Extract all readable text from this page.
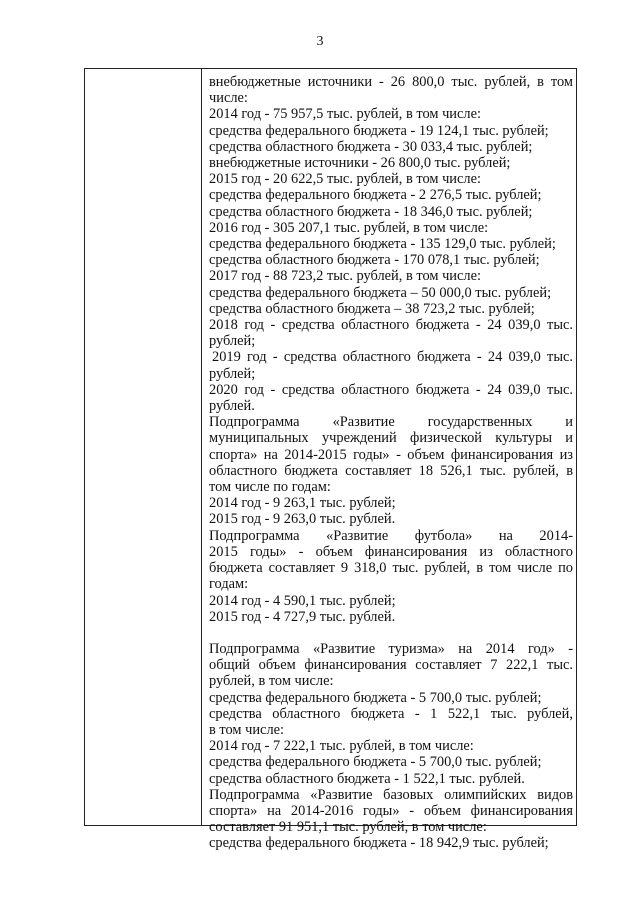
3
внебюджетные источники - 26 800,0 тыс. рублей, в том
числе:
2014 год - 75 957,5 тыс. рублей, в том числе:
средства федерального бюджета - 19 124,1 тыс. рублей;
средства областного бюджета - 30 033,4 тыс. рублей;
внебюджетные источники - 26 800,0 тыс. рублей;
2015 год - 20 622,5 тыс. рублей, в том числе:
средства федерального бюджета - 2 276,5 тыс. рублей;
средства областного бюджета - 18 346,0 тыс. рублей;
2016 год - 305 207,1 тыс. рублей, в том числе:
средства федерального бюджета - 135 129,0 тыс. рублей;
средства областного бюджета - 170 078,1 тыс. рублей;
2017 год - 88 723,2 тыс. рублей, в том числе:
средства федерального бюджета – 50 000,0 тыс. рублей;
средства областного бюджета – 38 723,2 тыс. рублей;
2018 год - средства областного бюджета - 24 039,0 тыс.
рублей;
2019 год - средства областного бюджета - 24 039,0 тыс.
рублей;
2020 год - средства областного бюджета - 24 039,0 тыс.
рублей.
Подпрограмма «Развитие государственных и
муниципальных учреждений физической культуры и
спорта» на 2014-2015 годы» - объем финансирования из
областного бюджета составляет 18 526,1 тыс. рублей, в
том числе по годам:
2014 год - 9 263,1 тыс. рублей;
2015 год - 9 263,0 тыс. рублей.
Подпрограмма «Развитие футбола» на 2014-
2015 годы» - объем финансирования из областного
бюджета составляет 9 318,0 тыс. рублей, в том числе по
годам:
2014 год - 4 590,1 тыс. рублей;
2015 год - 4 727,9 тыс. рублей.
Подпрограмма «Развитие туризма» на 2014 год» -
общий объем финансирования составляет 7 222,1 тыс.
рублей, в том числе:
средства федерального бюджета - 5 700,0 тыс. рублей;
средства областного бюджета - 1 522,1 тыс. рублей,
в том числе:
2014 год - 7 222,1 тыс. рублей, в том числе:
средства федерального бюджета - 5 700,0 тыс. рублей;
средства областного бюджета - 1 522,1 тыс. рублей.
Подпрограмма «Развитие базовых олимпийских видов
спорта» на 2014-2016 годы» - объем финансирования
составляет 91 951,1 тыс. рублей, в том числе:
средства федерального бюджета - 18 942,9 тыс. рублей;
